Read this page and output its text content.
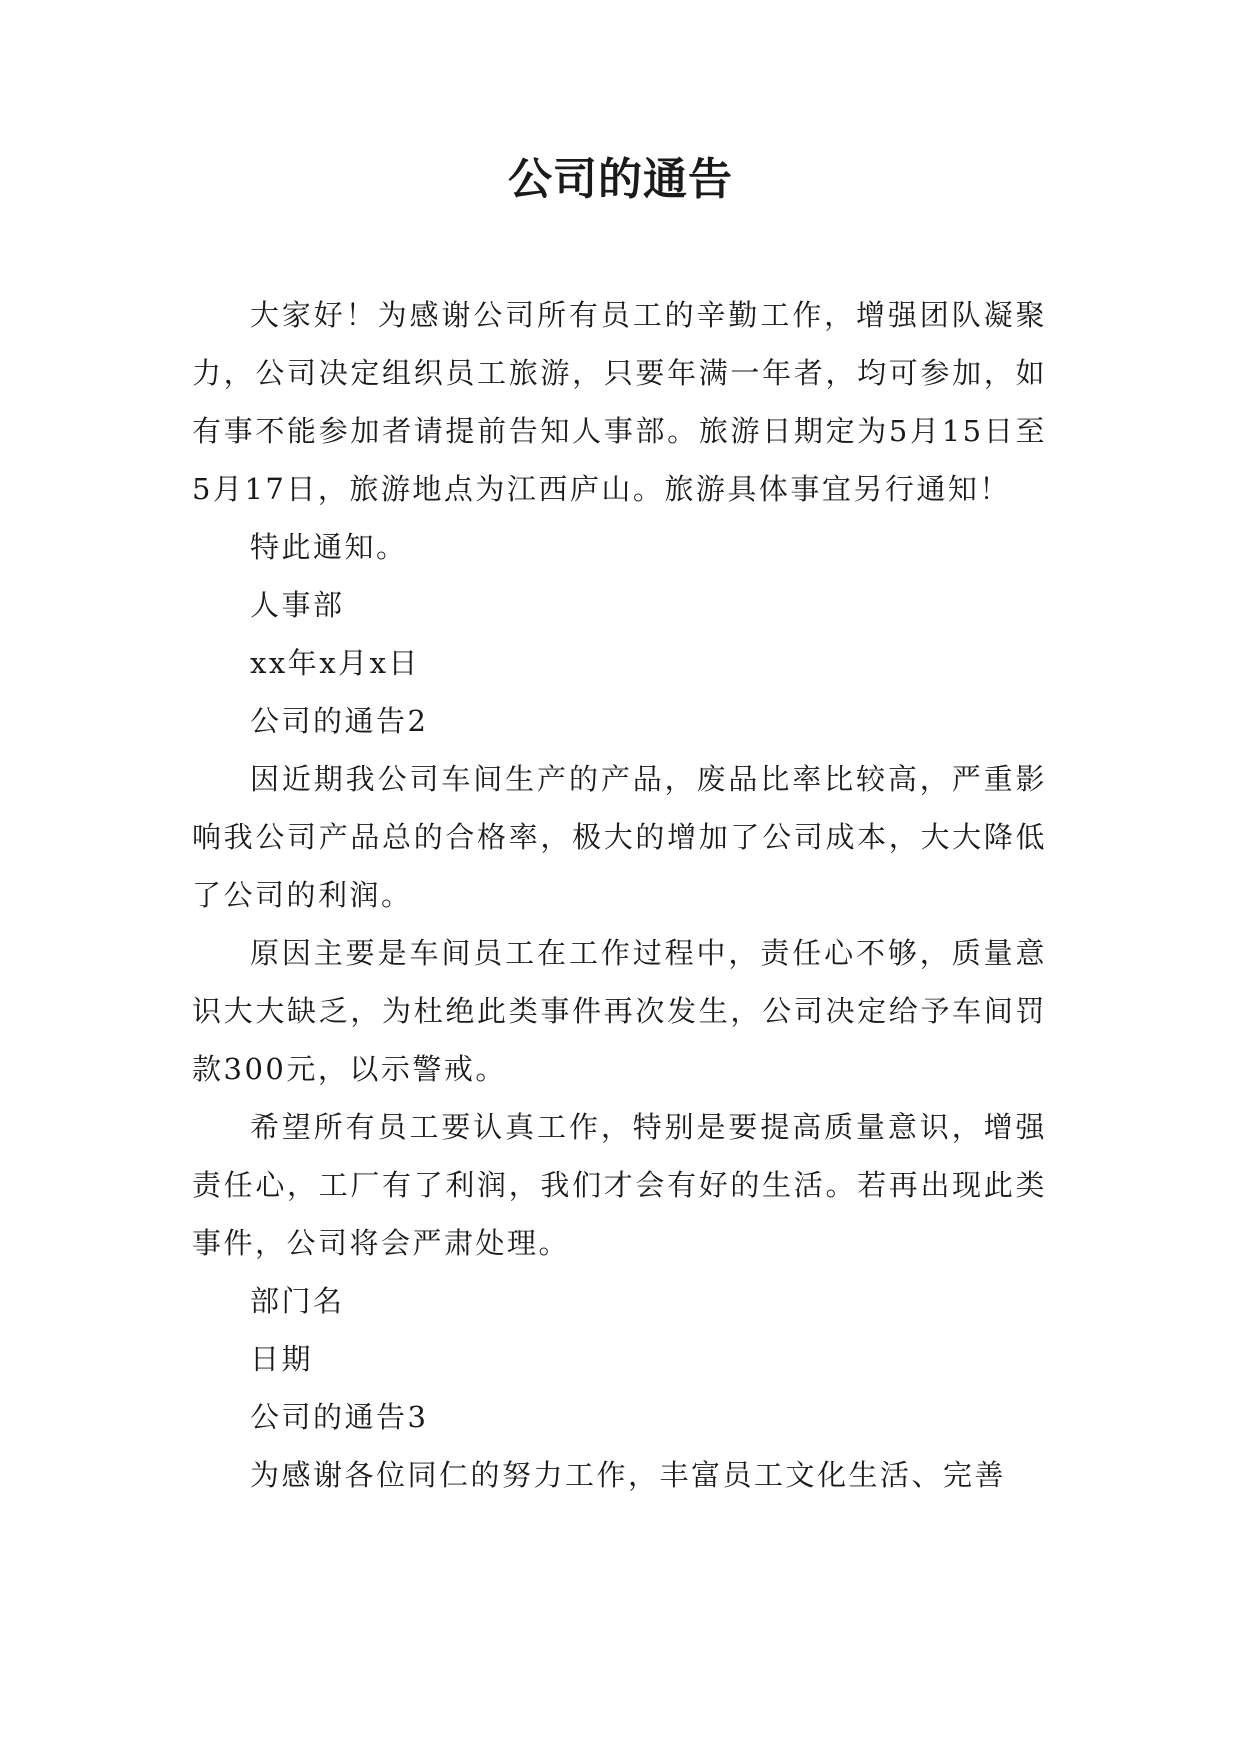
公司的通告

大家好！为感谢公司所有员工的辛勤工作，增强团队凝聚力，公司决定组织员工旅游，只要年满一年者，均可参加，如有事不能参加者请提前告知人事部。旅游日期定为5月15日至5月17日，旅游地点为江西庐山。旅游具体事宜另行通知！

特此通知。

人事部

xx年x月x日

公司的通告2

因近期我公司车间生产的产品，废品比率比较高，严重影响我公司产品总的合格率，极大的增加了公司成本，大大降低了公司的利润。

原因主要是车间员工在工作过程中，责任心不够，质量意识大大缺乏，为杜绝此类事件再次发生，公司决定给予车间罚款300元，以示警戒。

希望所有员工要认真工作，特别是要提高质量意识，增强责任心，工厂有了利润，我们才会有好的生活。若再出现此类事件，公司将会严肃处理。

部门名

日期

公司的通告3

为感谢各位同仁的努力工作，丰富员工文化生活、完善
